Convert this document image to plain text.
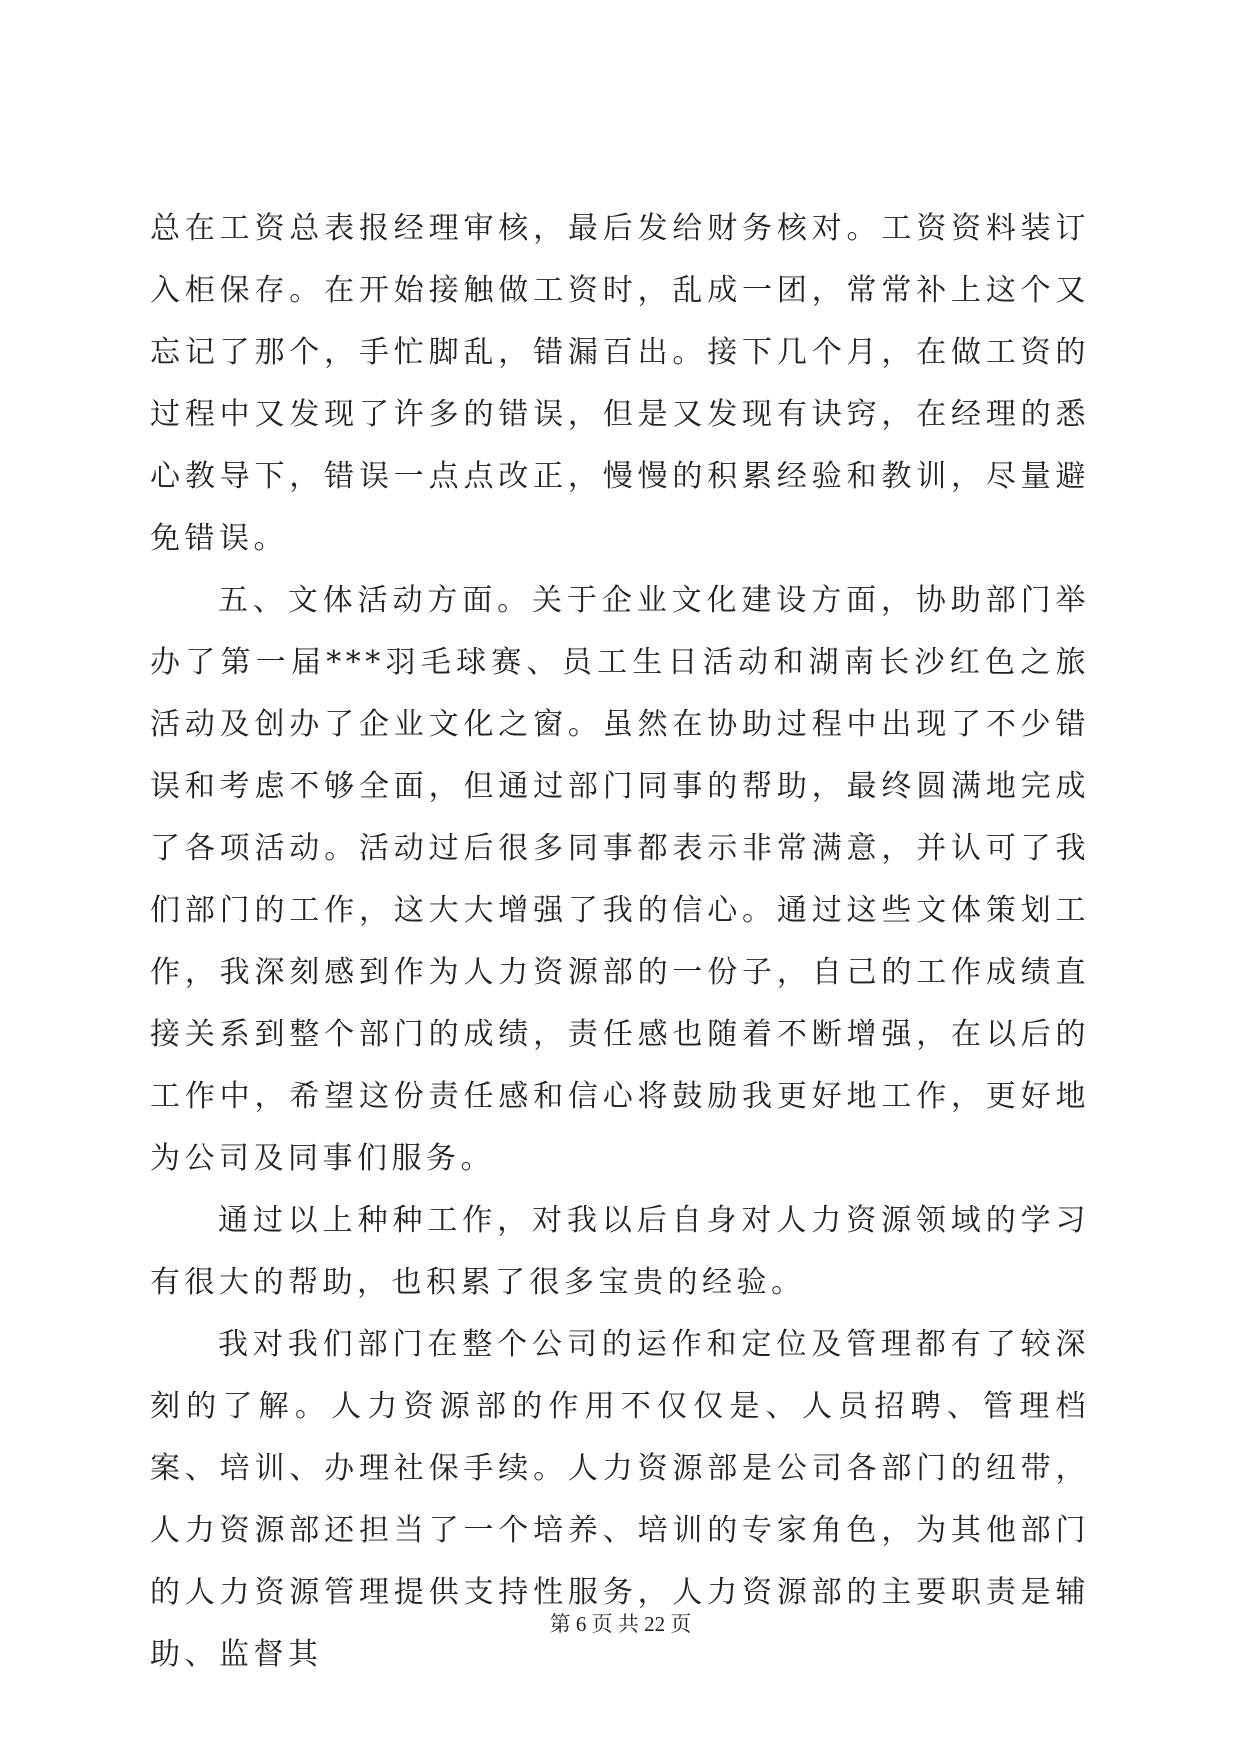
总在工资总表报经理审核，最后发给财务核对。工资资料装订入柜保存。在开始接触做工资时，乱成一团，常常补上这个又忘记了那个，手忙脚乱，错漏百出。接下几个月，在做工资的过程中又发现了许多的错误，但是又发现有诀窍，在经理的悉心教导下，错误一点点改正，慢慢的积累经验和教训，尽量避免错误。

五、文体活动方面。关于企业文化建设方面，协助部门举办了第一届***羽毛球赛、员工生日活动和湖南长沙红色之旅活动及创办了企业文化之窗。虽然在协助过程中出现了不少错误和考虑不够全面，但通过部门同事的帮助，最终圆满地完成了各项活动。活动过后很多同事都表示非常满意，并认可了我们部门的工作，这大大增强了我的信心。通过这些文体策划工作，我深刻感到作为人力资源部的一份子，自己的工作成绩直接关系到整个部门的成绩，责任感也随着不断增强，在以后的工作中，希望这份责任感和信心将鼓励我更好地工作，更好地为公司及同事们服务。

通过以上种种工作，对我以后自身对人力资源领域的学习有很大的帮助，也积累了很多宝贵的经验。

我对我们部门在整个公司的运作和定位及管理都有了较深刻的了解。人力资源部的作用不仅仅是、人员招聘、管理档案、培训、办理社保手续。人力资源部是公司各部门的纽带，人力资源部还担当了一个培养、培训的专家角色，为其他部门的人力资源管理提供支持性服务，人力资源部的主要职责是辅助、监督其

第 6 页 共 22 页
